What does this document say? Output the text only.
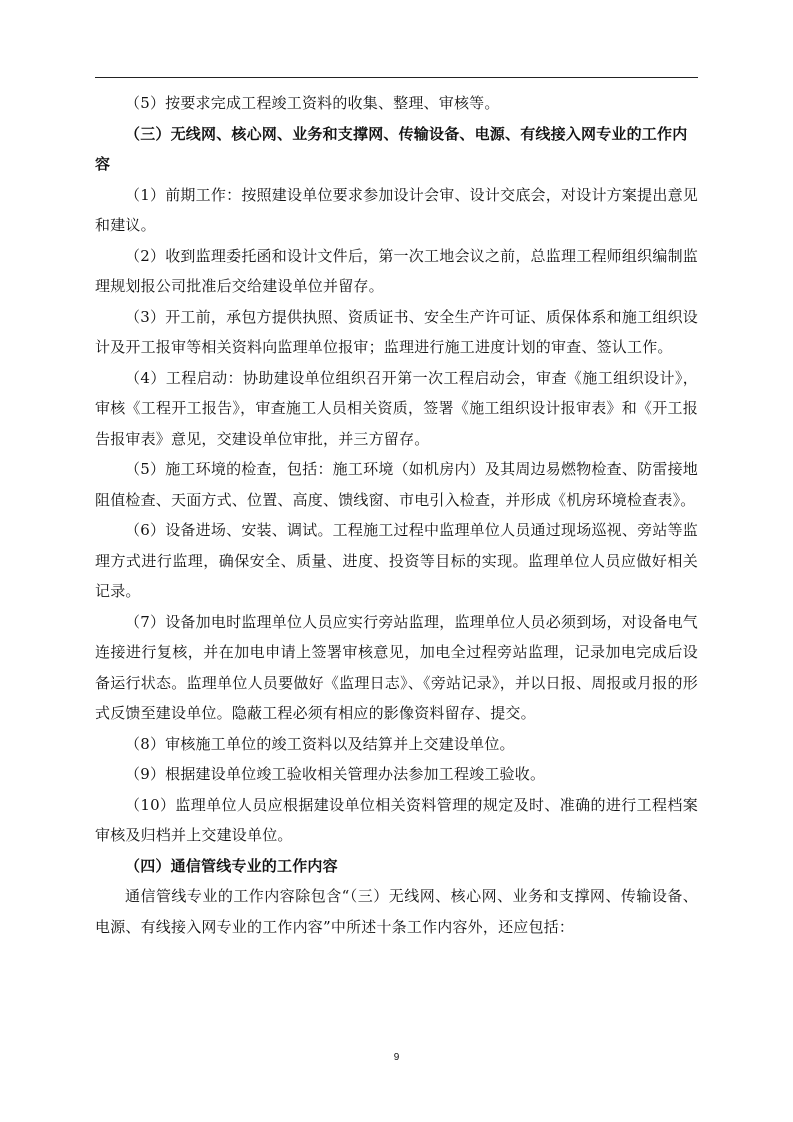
（5）按要求完成工程竣工资料的收集、整理、审核等。

（三）无线网、核心网、业务和支撑网、传输设备、电源、有线接入网专业的工作内容

（1）前期工作：按照建设单位要求参加设计会审、设计交底会，对设计方案提出意见和建议。

（2）收到监理委托函和设计文件后，第一次工地会议之前，总监理工程师组织编制监理规划报公司批准后交给建设单位并留存。

（3）开工前，承包方提供执照、资质证书、安全生产许可证、质保体系和施工组织设计及开工报审等相关资料向监理单位报审；监理进行施工进度计划的审查、签认工作。

（4）工程启动：协助建设单位组织召开第一次工程启动会，审查《施工组织设计》，审核《工程开工报告》，审查施工人员相关资质，签署《施工组织设计报审表》和《开工报告报审表》意见，交建设单位审批，并三方留存。

（5）施工环境的检查，包括：施工环境（如机房内）及其周边易燃物检查、防雷接地阻值检查、天面方式、位置、高度、馈线窗、市电引入检查，并形成《机房环境检查表》。

（6）设备进场、安装、调试。工程施工过程中监理单位人员通过现场巡视、旁站等监理方式进行监理，确保安全、质量、进度、投资等目标的实现。监理单位人员应做好相关记录。

（7）设备加电时监理单位人员应实行旁站监理，监理单位人员必须到场，对设备电气连接进行复核，并在加电申请上签署审核意见，加电全过程旁站监理，记录加电完成后设备运行状态。监理单位人员要做好《监理日志》、《旁站记录》，并以日报、周报或月报的形式反馈至建设单位。隐蔽工程必须有相应的影像资料留存、提交。

（8）审核施工单位的竣工资料以及结算并上交建设单位。

（9）根据建设单位竣工验收相关管理办法参加工程竣工验收。

（10）监理单位人员应根据建设单位相关资料管理的规定及时、准确的进行工程档案审核及归档并上交建设单位。

（四）通信管线专业的工作内容

通信管线专业的工作内容除包含“（三）无线网、核心网、业务和支撑网、传输设备、电源、有线接入网专业的工作内容”中所述十条工作内容外，还应包括：

9
